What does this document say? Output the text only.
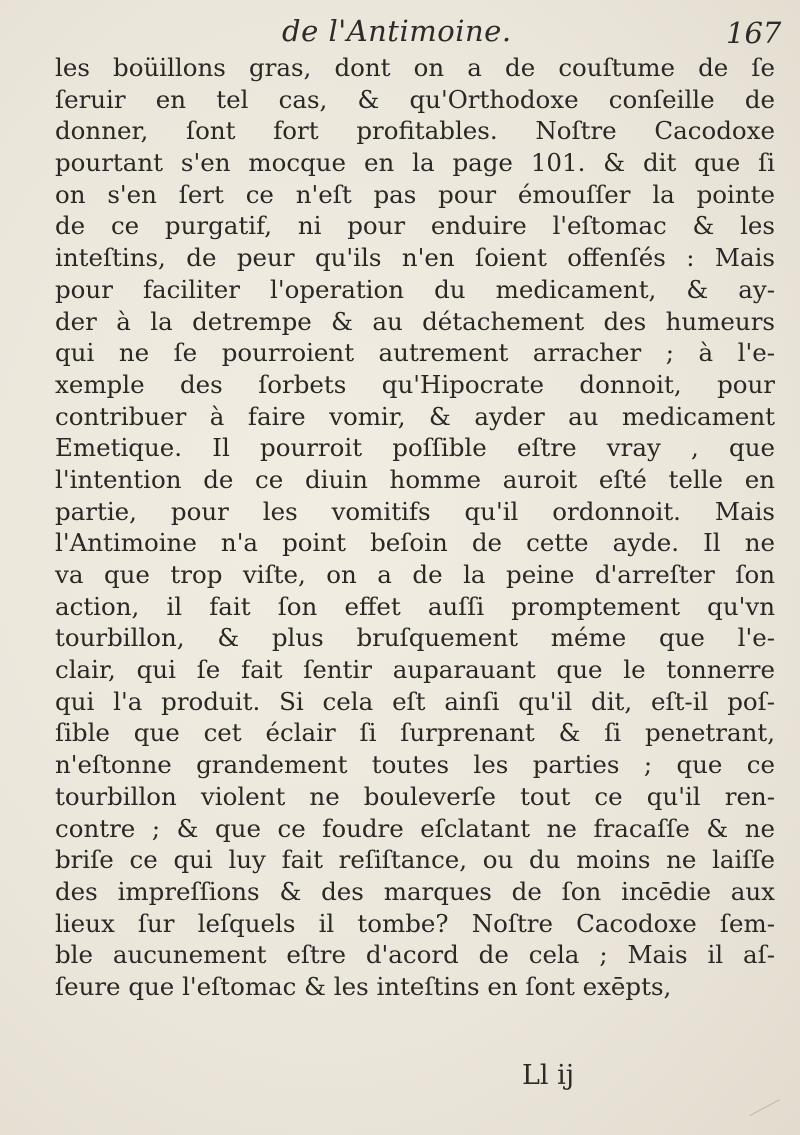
de l'Antimoine.	167
les boüillons gras, dont on a de couſtume de ſe
ſeruir en tel cas, & qu'Orthodoxe conſeille de
donner, ſont fort profitables. Noſtre Cacodoxe
pourtant s'en mocque en la page 101. & dit que ſi
on s'en ſert ce n'eſt pas pour émouſſer la pointe
de ce purgatif, ni pour enduire l'eſtomac & les
inteſtins, de peur qu'ils n'en ſoient offenſés : Mais
pour faciliter l'operation du medicament, & ay-
der à la detrempe & au détachement des humeurs
qui ne ſe pourroient autrement arracher ; à l'e-
xemple des ſorbets qu'Hipocrate donnoit, pour
contribuer à faire vomir, & ayder au medicament
Emetique. Il pourroit poſſible eſtre vray , que
l'intention de ce diuin homme auroit eſté telle en
partie, pour les vomitifs qu'il ordonnoit. Mais
l'Antimoine n'a point beſoin de cette ayde. Il ne
va que trop viſte, on a de la peine d'arreſter ſon
action, il fait ſon effet auſſi promptement qu'vn
tourbillon, & plus bruſquement méme que l'e-
clair, qui ſe fait ſentir auparauant que le tonnerre
qui l'a produit. Si cela eſt ainſi qu'il dit, eſt-il poſ-
ſible que cet éclair ſi ſurprenant & ſi penetrant,
n'eſtonne grandement toutes les parties ; que ce
tourbillon violent ne bouleverſe tout ce qu'il ren-
contre ; & que ce foudre eſclatant ne fracaſſe & ne
briſe ce qui luy fait reſiſtance, ou du moins ne laiſſe
des impreſſions & des marques de ſon incēdie aux
lieux ſur leſquels il tombe? Noſtre Cacodoxe ſem-
ble aucunement eſtre d'acord de cela ; Mais il aſ-
ſeure que l'eſtomac & les inteſtins en ſont exēpts,
Ll ij
